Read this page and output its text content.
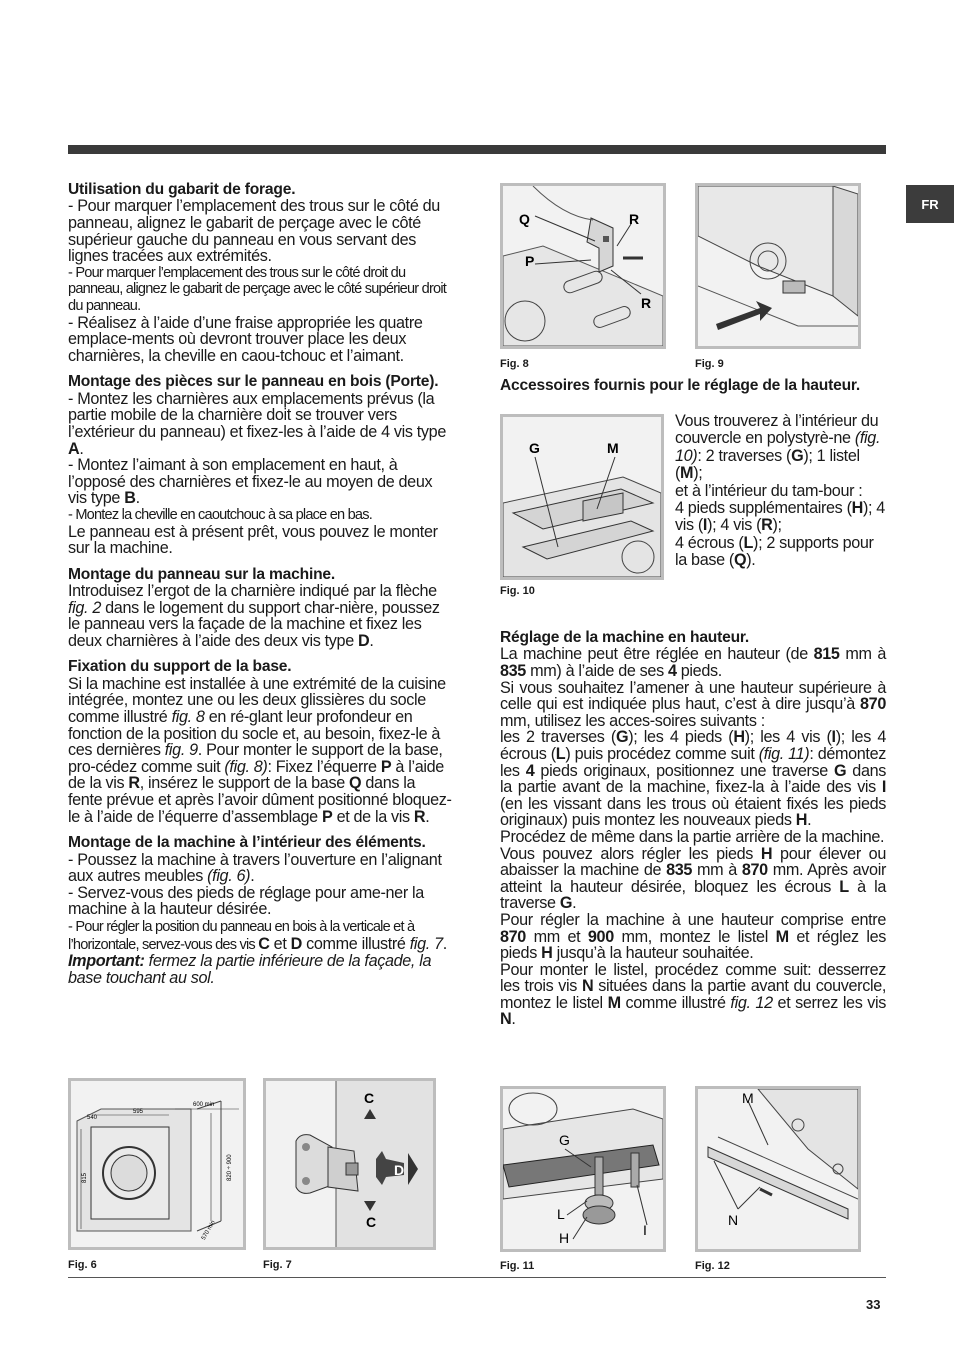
FR
Utilisation du gabarit de forage.

- Pour marquer l’emplacement des trous sur le côté du panneau, alignez le gabarit de perçage avec le côté supérieur gauche du panneau en vous servant des lignes tracées aux extrémités.

- Pour marquer l’emplacement des trous sur le côté droit du panneau, alignez le gabarit de perçage avec le côté supérieur droit du panneau.

- Réalisez à l’aide d’une fraise appropriée les quatre emplace-ments où devront trouver place les deux charnières, la cheville en caou-tchouc et l’aimant.

Montage des pièces sur le panneau en bois (Porte).

- Montez les charnières aux emplacements prévus (la partie mobile de la charnière doit se trouver vers l’extérieur du panneau) et fixez-les à l’aide de 4 vis type A.

- Montez l’aimant à son emplacement en haut, à l’opposé des charnières et fixez-le au moyen de deux vis type B.

- Montez la cheville en caoutchouc à sa place en bas.

Le panneau est à présent prêt, vous pouvez le monter sur la machine.

Montage du panneau sur la machine.

Introduisez l’ergot de la charnière indiqué par la flèche fig. 2 dans le logement du support char-nière, poussez le panneau vers la façade de la machine et fixez les deux charnières à l’aide des deux vis type D.

Fixation du support de la base.

Si la machine est installée à une extrémité de la cuisine intégrée, montez une ou les deux glissières du socle comme illustré fig. 8 en ré-glant leur profondeur en fonction de la position du socle et, au besoin, fixez-le à ces dernières fig. 9. Pour monter le support de la base, pro-cédez comme suit (fig. 8): Fixez l’équerre P à l’aide de la vis R, insérez le support de la base Q dans la fente prévue et après l’avoir dûment positionné bloquez-le à l’aide de l’équerre d’assemblage P et de la vis R.

Montage de la machine à l’intérieur des éléments.

- Poussez la machine à travers l’ouverture en l’alignant aux autres meubles (fig. 6).

- Servez-vous des pieds de réglage pour ame-ner la machine à la hauteur désirée.

- Pour régler la position du panneau en bois à la verticale et à l’horizontale, servez-vous des vis C et D comme illustré fig. 7.

Important: fermez la partie inférieure de la façade, la base touchant au sol.

Q	R
P
R
Fig. 8	Fig. 9
Accessoires fournis pour le réglage de la hauteur.
G	M
Fig. 10
Vous trouverez à l’intérieur du couvercle en polystyrè-ne (fig. 10): 2 traverses (G); 1 listel (M);
et à l’intérieur du tam-bour :
4 pieds supplémentaires (H); 4 vis (I); 4 vis (R);
4 écrous (L); 2 supports pour la base (Q).
Réglage de la machine en hauteur.

La machine peut être réglée en hauteur (de 815 mm à 835 mm) à l’aide de ses 4 pieds.

Si vous souhaitez l’amener à une hauteur supérieure à celle qui est indiquée plus haut, c’est à dire jusqu’à 870 mm, utilisez les acces-soires suivants :

les 2 traverses (G); les 4 pieds (H); les 4 vis (I); les 4 écrous (L) puis procédez comme suit (fig. 11): démontez les 4 pieds originaux, positionnez une traverse G dans la partie avant de la machine, fixez-la à l’aide des vis I (en les vissant dans les trous où étaient fixés les pieds originaux) puis montez les nouveaux pieds H.

Procédez de même dans la partie arrière de la machine.

Vous pouvez alors régler les pieds H pour élever ou abaisser la machine de 835 mm à 870 mm. Après avoir atteint la hauteur désirée, bloquez les écrous L à la traverse G.

Pour régler la machine à une hauteur comprise entre 870 mm et 900 mm, montez le listel M et réglez les pieds H jusqu’à la hauteur souhaitée.

Pour monter le listel, procédez comme suit: desserrez les trois vis N situées dans la partie avant du couvercle, montez le listel M comme illustré fig. 12 et serrez les vis N.

540
595
600 min
815	820 ÷ 900
570 min
Fig. 6
C
D
C
Fig. 7
G
L
H	I
Fig. 11
M
N
Fig. 12
33
